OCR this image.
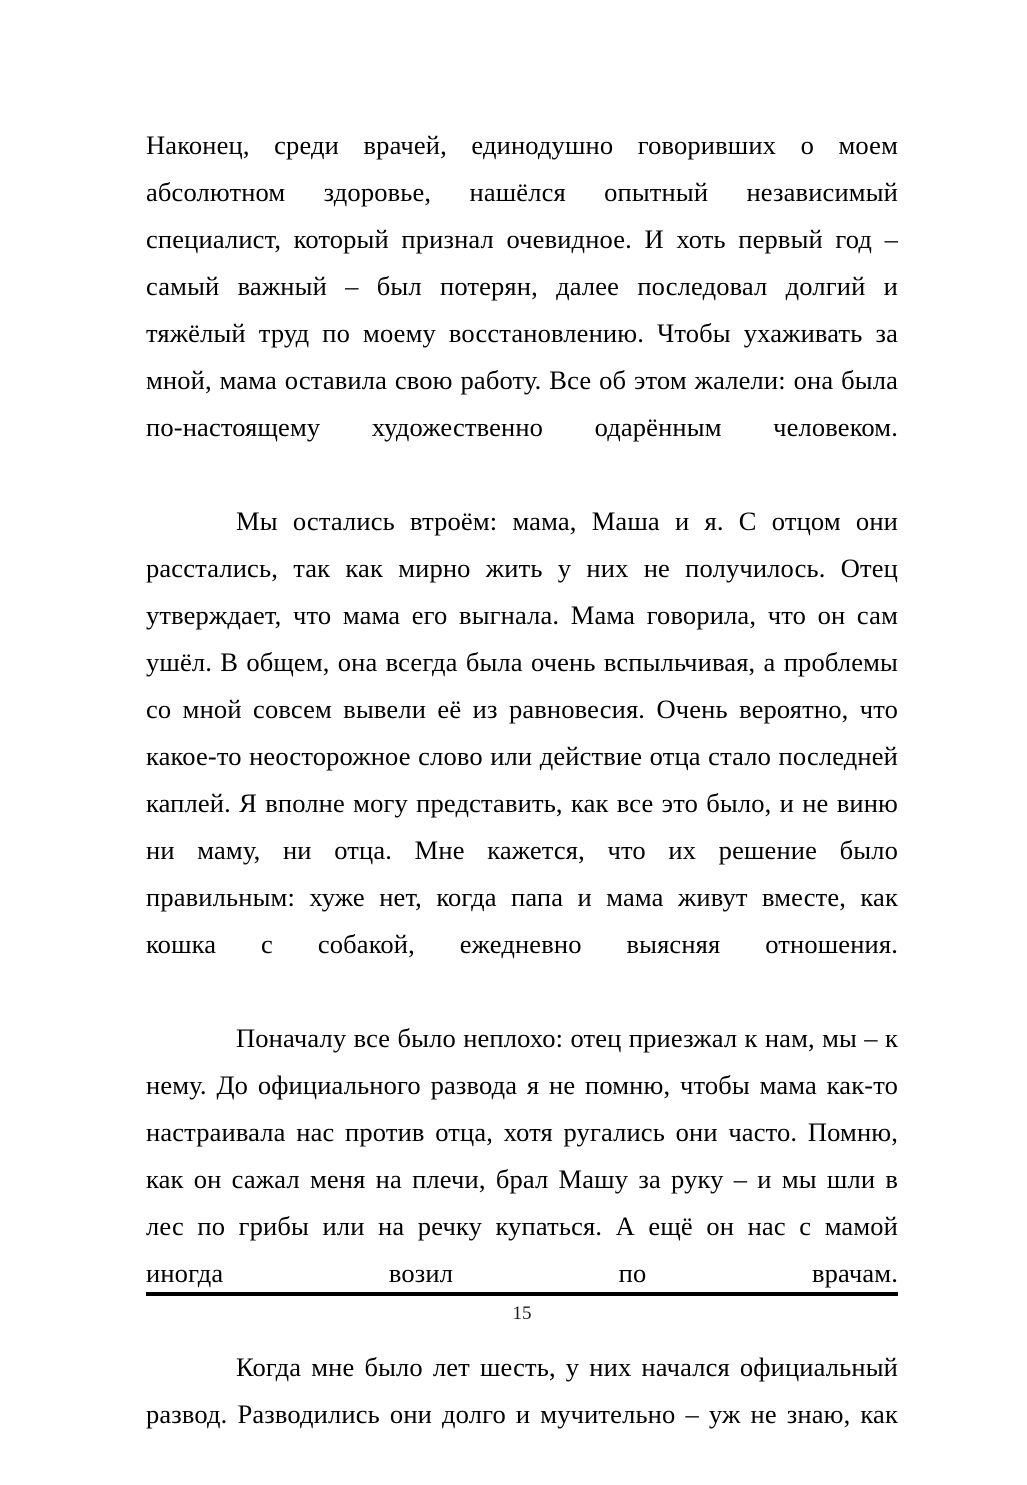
Наконец, среди врачей, единодушно говоривших о моем абсолютном здоровье, нашёлся опытный независимый специалист, который признал очевидное. И хоть первый год – самый важный – был потерян, далее последовал долгий и тяжёлый труд по моему восстановлению. Чтобы ухаживать за мной, мама оставила свою работу. Все об этом жалели: она была по-настоящему художественно одарённым человеком.

Мы остались втроём: мама, Маша и я. С отцом они расстались, так как мирно жить у них не получилось. Отец утверждает, что мама его выгнала. Мама говорила, что он сам ушёл. В общем, она всегда была очень вспыльчивая, а проблемы со мной совсем вывели её из равновесия. Очень вероятно, что какое-то неосторожное слово или действие отца стало последней каплей. Я вполне могу представить, как все это было, и не виню ни маму, ни отца. Мне кажется, что их решение было правильным: хуже нет, когда папа и мама живут вместе, как кошка с собакой, ежедневно выясняя отношения.

Поначалу все было неплохо: отец приезжал к нам, мы – к нему. До официального развода я не помню, чтобы мама как-то настраивала нас против отца, хотя ругались они часто. Помню, как он сажал меня на плечи, брал Машу за руку – и мы шли в лес по грибы или на речку купаться. А ещё он нас с мамой иногда возил по врачам.

Когда мне было лет шесть, у них начался официальный развод. Разводились они долго и мучительно – уж не знаю, как

15
